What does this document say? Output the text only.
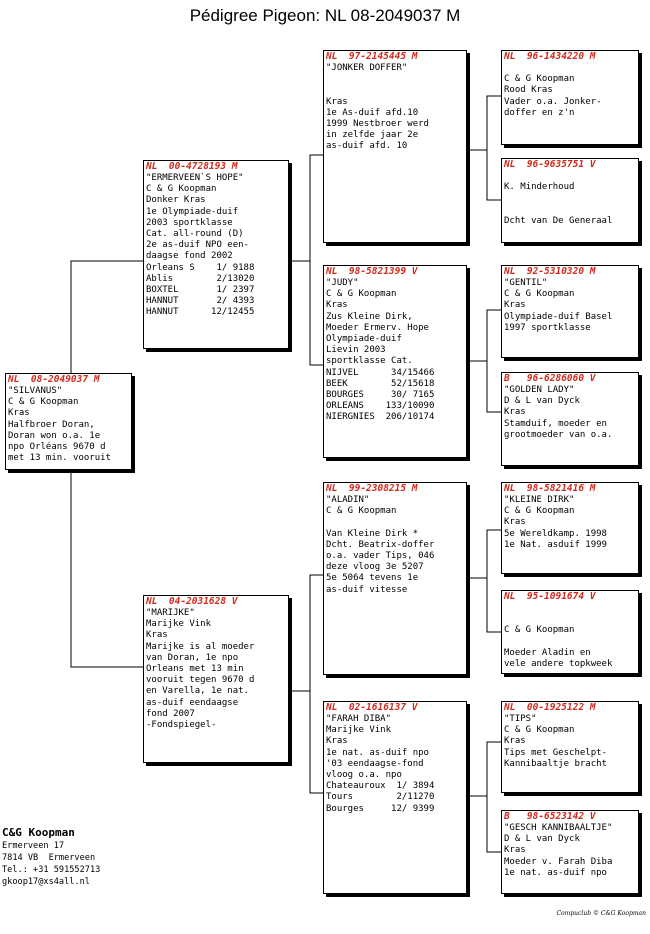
Pédigree Pigeon: NL 08-2049037 M
NL  08-2049037 M
"SILVANUS"
C & G Koopman
Kras
Halfbroer Doran,
Doran won o.a. 1e
npo Orléans 9670 d
met 13 min. vooruit
NL  00-4728193 M
"ERMERVEEN`S HOPE"
C & G Koopman
Donker Kras
1e Olympiade-duif
2003 sportklasse
Cat. all-round (D)
2e as-duif NPO een-
daagse fond 2002
Orleans S    1/ 9188
Ablis        2/13020
BOXTEL       1/ 2397
HANNUT       2/ 4393
HANNUT      12/12455
NL  04-2031628 V
"MARIJKE"
Marijke Vink
Kras
Marijke is al moeder
van Doran, 1e npo
Orleans met 13 min
vooruit tegen 9670 d
en Varella, 1e nat.
as-duif eendaagse
fond 2007
-Fondspiegel-
NL  97-2145445 M
"JONKER DOFFER"
Kras
1e As-duif afd.10
1999 Nestbroer werd
in zelfde jaar 2e
as-duif afd. 10
NL  98-5821399 V
"JUDY"
C & G Koopman
Kras
Zus Kleine Dirk,
Moeder Ermerv. Hope
Olympiade-duif
Lievin 2003
sportklasse Cat.
NIJVEL      34/15466
BEEK        52/15618
BOURGES     30/ 7165
ORLEANS    133/10090
NIERGNIES  206/10174
NL  99-2308215 M
"ALADIN"
C & G Koopman
Van Kleine Dirk *
Dcht. Beatrix-doffer
o.a. vader Tips, 046
deze vloog 3e 5207
5e 5064 tevens 1e
as-duif vitesse
NL  02-1616137 V
"FARAH DIBA"
Marijke Vink
Kras
1e nat. as-duif npo
'03 eendaagse-fond
vloog o.a. npo
Chateauroux  1/ 3894
Tours        2/11270
Bourges     12/ 9399
NL  96-1434220 M
C & G Koopman
Rood Kras
Vader o.a. Jonker-
doffer en z'n
NL  96-9635751 V
K. Minderhoud
Dcht van De Generaal
NL  92-5310320 M
"GENTIL"
C & G Koopman
Kras
Olympiade-duif Basel
1997 sportklasse
B   96-6286060 V
"GOLDEN LADY"
D & L van Dyck
Kras
Stamduif, moeder en
grootmoeder van o.a.
NL  98-5821416 M
"KLEINE DIRK"
C & G Koopman
Kras
5e Wereldkamp. 1998
1e Nat. asduif 1999
NL  95-1091674 V
C & G Koopman
Moeder Aladin en
vele andere topkweek
NL  00-1925122 M
"TIPS"
C & G Koopman
Kras
Tips met Geschelpt-
Kannibaaltje bracht
B   98-6523142 V
"GESCH KANNIBAALTJE"
D & L van Dyck
Kras
Moeder v. Farah Diba
1e nat. as-duif npo
C&G Koopman
Ermerveen 17
7814 VB  Ermerveen
Tel.: +31 591552713
gkoop17@xs4all.nl
Compuclub © C&G Koopman
